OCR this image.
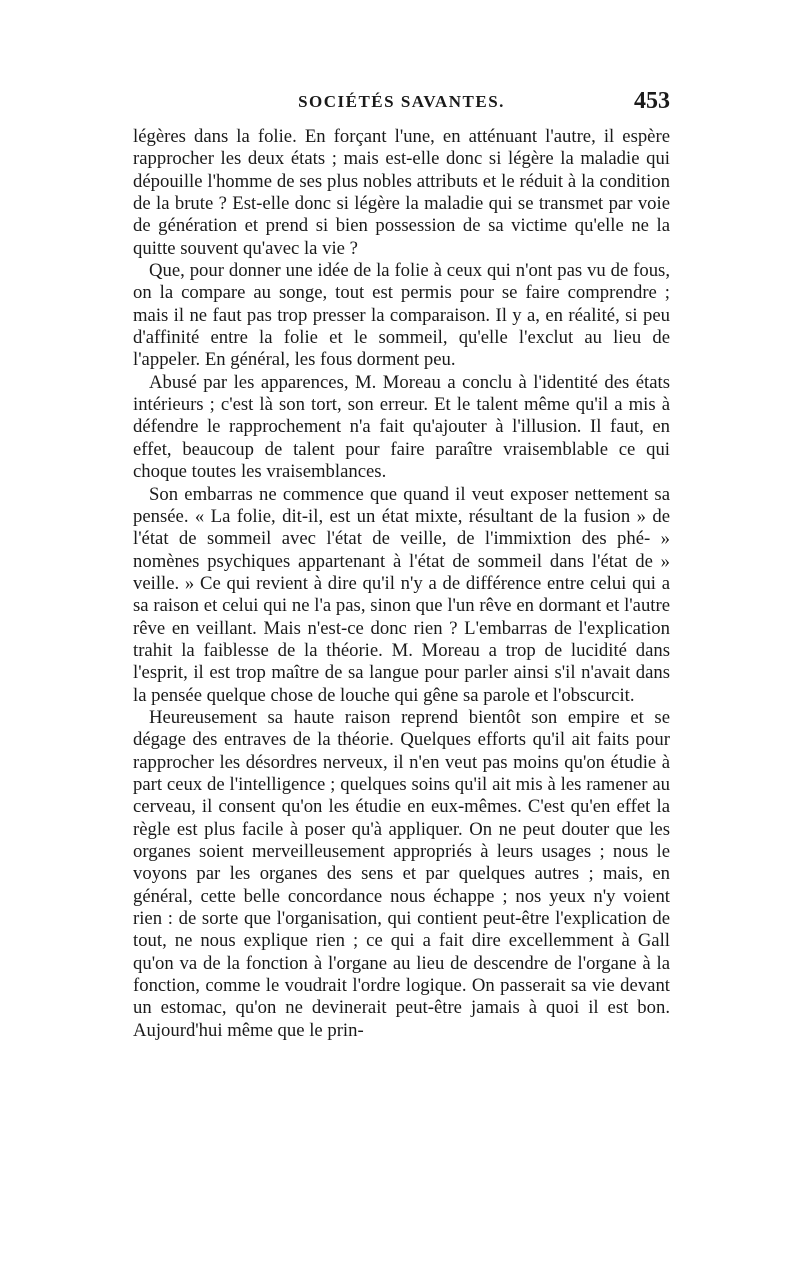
SOCIÉTÉS SAVANTES.	453

légères dans la folie. En forçant l'une, en atténuant l'autre, il espère rapprocher les deux états ; mais est-elle donc si légère la maladie qui dépouille l'homme de ses plus nobles attributs et le réduit à la condition de la brute ? Est-elle donc si légère la maladie qui se transmet par voie de génération et prend si bien possession de sa victime qu'elle ne la quitte souvent qu'avec la vie ?

Que, pour donner une idée de la folie à ceux qui n'ont pas vu de fous, on la compare au songe, tout est permis pour se faire comprendre ; mais il ne faut pas trop presser la comparaison. Il y a, en réalité, si peu d'affinité entre la folie et le sommeil, qu'elle l'exclut au lieu de l'appeler. En général, les fous dorment peu.

Abusé par les apparences, M. Moreau a conclu à l'identité des états intérieurs ; c'est là son tort, son erreur. Et le talent même qu'il a mis à défendre le rapprochement n'a fait qu'ajouter à l'illusion. Il faut, en effet, beaucoup de talent pour faire paraître vraisemblable ce qui choque toutes les vraisemblances.

Son embarras ne commence que quand il veut exposer nettement sa pensée. « La folie, dit-il, est un état mixte, résultant de la fusion » de l'état de sommeil avec l'état de veille, de l'immixtion des phé- » nomènes psychiques appartenant à l'état de sommeil dans l'état de » veille. » Ce qui revient à dire qu'il n'y a de différence entre celui qui a sa raison et celui qui ne l'a pas, sinon que l'un rêve en dormant et l'autre rêve en veillant. Mais n'est-ce donc rien ? L'embarras de l'explication trahit la faiblesse de la théorie. M. Moreau a trop de lucidité dans l'esprit, il est trop maître de sa langue pour parler ainsi s'il n'avait dans la pensée quelque chose de louche qui gêne sa parole et l'obscurcit.

Heureusement sa haute raison reprend bientôt son empire et se dégage des entraves de la théorie. Quelques efforts qu'il ait faits pour rapprocher les désordres nerveux, il n'en veut pas moins qu'on étudie à part ceux de l'intelligence ; quelques soins qu'il ait mis à les ramener au cerveau, il consent qu'on les étudie en eux-mêmes. C'est qu'en effet la règle est plus facile à poser qu'à appliquer. On ne peut douter que les organes soient merveilleusement appropriés à leurs usages ; nous le voyons par les organes des sens et par quelques autres ; mais, en général, cette belle concordance nous échappe ; nos yeux n'y voient rien : de sorte que l'organisation, qui contient peut-être l'explication de tout, ne nous explique rien ; ce qui a fait dire excellemment à Gall qu'on va de la fonction à l'organe au lieu de descendre de l'organe à la fonction, comme le voudrait l'ordre logique. On passerait sa vie devant un estomac, qu'on ne devinerait peut-être jamais à quoi il est bon. Aujourd'hui même que le prin-
